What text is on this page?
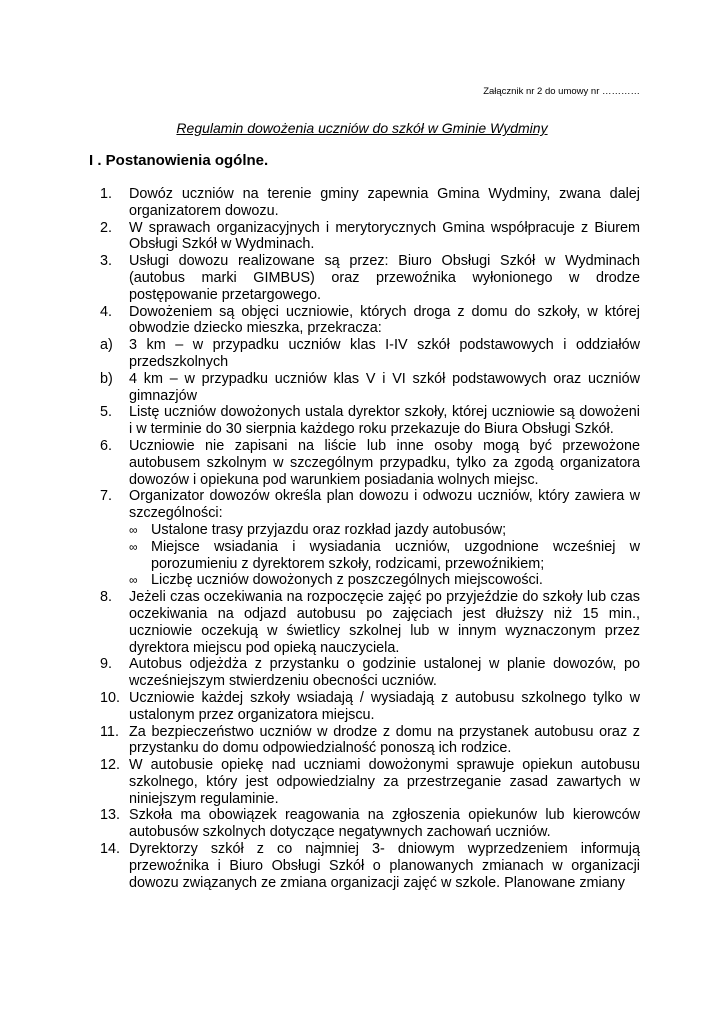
Załącznik nr 2 do umowy nr …………
Regulamin dowożenia uczniów do szkół w Gminie Wydminy
I . Postanowienia ogólne.
1.	Dowóz uczniów na terenie gminy zapewnia Gmina Wydminy, zwana dalej organizatorem dowozu.
2.	W sprawach organizacyjnych i merytorycznych Gmina współpracuje z Biurem Obsługi Szkół w Wydminach.
3.	Usługi dowozu realizowane są przez: Biuro Obsługi Szkół w Wydminach (autobus marki GIMBUS) oraz przewoźnika wyłonionego w drodze postępowanie przetargowego.
4.	Dowożeniem są objęci uczniowie, których droga z domu do szkoły, w której obwodzie dziecko mieszka, przekracza:
a)	3 km – w przypadku uczniów klas I-IV szkół podstawowych i oddziałów przedszkolnych
b)	4 km – w przypadku uczniów klas V i VI szkół podstawowych oraz uczniów gimnazjów
5.	Listę uczniów dowożonych ustala dyrektor szkoły, której uczniowie są dowożeni i w terminie do 30 sierpnia każdego roku przekazuje do Biura Obsługi Szkół.
6.	Uczniowie nie zapisani na liście lub inne osoby mogą być przewożone autobusem szkolnym w szczególnym przypadku, tylko za zgodą organizatora dowozów i opiekuna pod warunkiem posiadania wolnych miejsc.
7.	Organizator dowozów określa plan dowozu i odwozu uczniów, który zawiera w szczególności:
∞ Ustalone trasy przyjazdu oraz rozkład jazdy autobusów;
∞ Miejsce wsiadania i wysiadania uczniów, uzgodnione wcześniej w porozumieniu z dyrektorem szkoły, rodzicami, przewoźnikiem;
∞ Liczbę uczniów dowożonych z poszczególnych miejscowości.
8.	Jeżeli czas oczekiwania na rozpoczęcie zajęć po przyjeździe do szkoły lub czas oczekiwania na odjazd autobusu po zajęciach jest dłuższy niż 15 min., uczniowie oczekują w świetlicy szkolnej lub w innym wyznaczonym przez dyrektora miejscu pod opieką nauczyciela.
9.	Autobus odjeżdża z przystanku o godzinie ustalonej w planie dowozów, po wcześniejszym stwierdzeniu obecności uczniów.
10. Uczniowie każdej szkoły wsiadają / wysiadają z autobusu szkolnego tylko w ustalonym przez organizatora miejscu.
11. Za bezpieczeństwo uczniów w drodze z domu na przystanek autobusu oraz z przystanku do domu odpowiedzialność ponoszą ich rodzice.
12. W autobusie opiekę nad uczniami dowożonymi sprawuje opiekun autobusu szkolnego, który jest odpowiedzialny za przestrzeganie zasad zawartych w niniejszym regulaminie.
13. Szkoła ma obowiązek reagowania na zgłoszenia opiekunów lub kierowców autobusów szkolnych dotyczące negatywnych zachowań uczniów.
14. Dyrektorzy szkół z co najmniej 3- dniowym wyprzedzeniem informują przewoźnika i Biuro Obsługi Szkół o planowanych zmianach w organizacji dowozu związanych ze zmiana organizacji zajęć w szkole. Planowane zmiany
